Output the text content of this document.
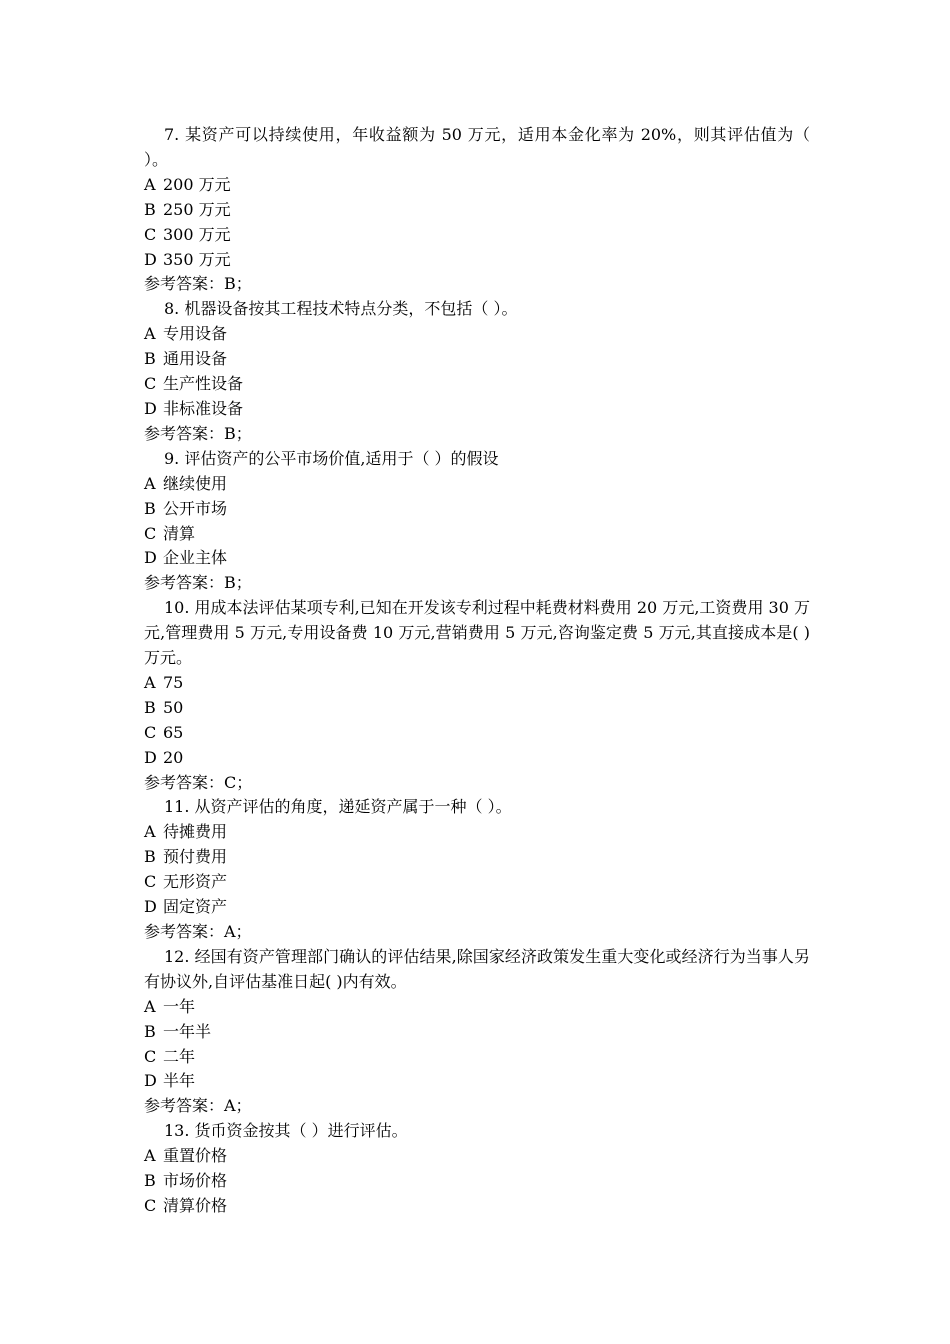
7. 某资产可以持续使用，年收益额为 50 万元，适用本金化率为 20%，则其评估值为（ ）。

A 200 万元

B 250 万元

C 300 万元

D 350 万元

参考答案：B；

8. 机器设备按其工程技术特点分类，不包括（ ）。

A 专用设备

B 通用设备

C 生产性设备

D 非标准设备

参考答案：B；

9. 评估资产的公平市场价值,适用于（ ）的假设

A 继续使用

B 公开市场

C 清算

D 企业主体

参考答案：B；

10. 用成本法评估某项专利,已知在开发该专利过程中耗费材料费用 20 万元,工资费用 30 万元,管理费用 5 万元,专用设备费 10 万元,营销费用 5 万元,咨询鉴定费 5 万元,其直接成本是( )万元。

A 75

B 50

C 65

D 20

参考答案：C；

11. 从资产评估的角度，递延资产属于一种（ ）。

A 待摊费用

B 预付费用

C 无形资产

D 固定资产

参考答案：A；

12. 经国有资产管理部门确认的评估结果,除国家经济政策发生重大变化或经济行为当事人另有协议外,自评估基准日起( )内有效。

A 一年

B 一年半

C 二年

D 半年

参考答案：A；

13. 货币资金按其（ ）进行评估。

A 重置价格

B 市场价格

C 清算价格
